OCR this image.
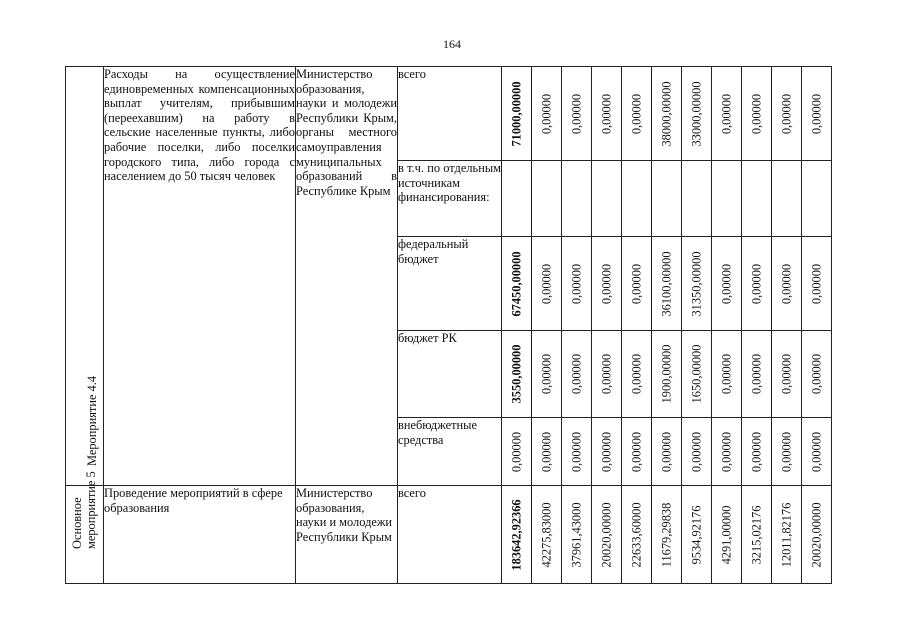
164
Мероприятие 4.4	Расходы на осуществление единовременных компенсационных выплат учителям, прибывшим (переехавшим) на работу в сельские населенные пункты, либо рабочие поселки, либо поселки городского типа, либо города с населением до 50 тысяч человек	Министерство образования, науки и молодежи Республики Крым, органы местного самоуправления муниципальных образований в Республике Крым	всего	71000,00000	0,00000	0,00000	0,00000	0,00000	38000,00000	33000,00000	0,00000	0,00000	0,00000	0,00000

			в т.ч. по отдельным источникам финансирования:											
			федеральный бюджет	67450,00000	0,00000	0,00000	0,00000	0,00000	36100,00000	31350,00000	0,00000	0,00000	0,00000	0,00000

			бюджет РК	3550,00000	0,00000	0,00000	0,00000	0,00000	1900,00000	1650,00000	0,00000	0,00000	0,00000	0,00000

			внебюджетные средства	0,00000	0,00000	0,00000	0,00000	0,00000	0,00000	0,00000	0,00000	0,00000	0,00000	0,00000

Основное мероприятие 5	Проведение мероприятий в сфере образования	Министерство образования, науки и молодежи Республики Крым	всего	183642,92366	42275,83000	37961,43000	20020,00000	22633,60000	11679,29838	9534,92176	4291,00000	3215,02176	12011,82176	20020,00000
